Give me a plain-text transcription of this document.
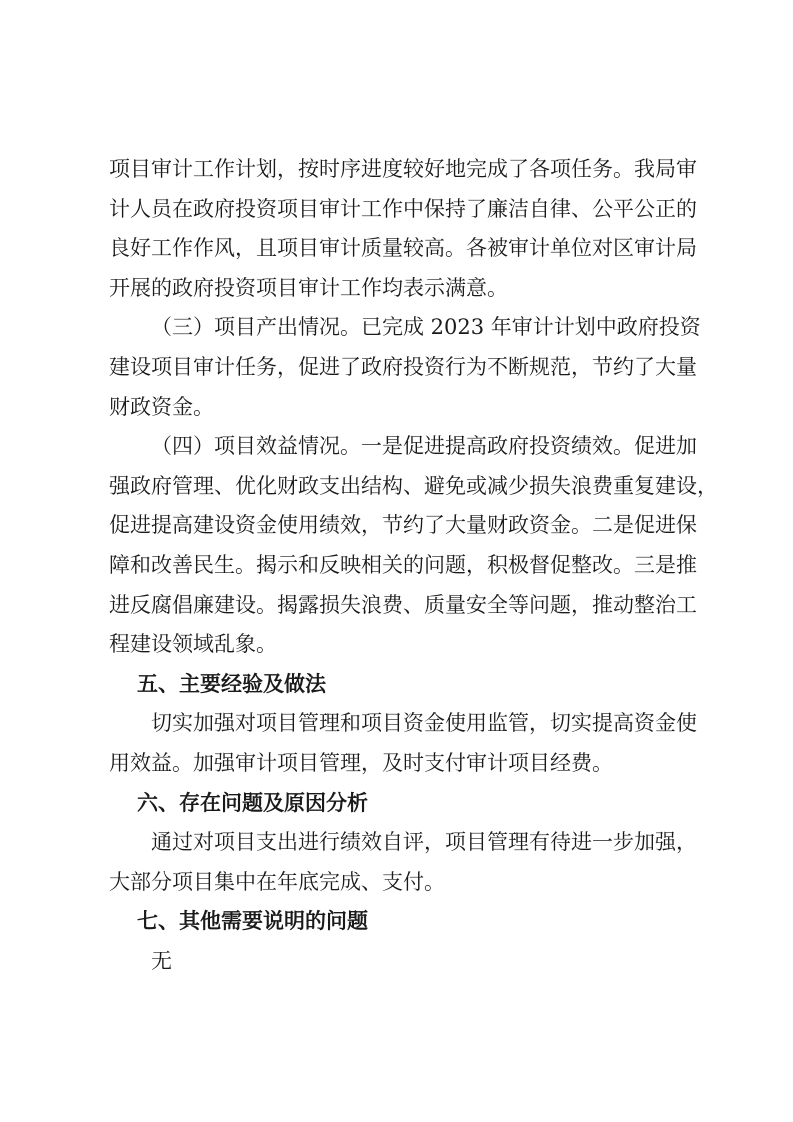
项目审计工作计划，按时序进度较好地完成了各项任务。我局审
计人员在政府投资项目审计工作中保持了廉洁自律、公平公正的
良好工作作风，且项目审计质量较高。各被审计单位对区审计局
开展的政府投资项目审计工作均表示满意。
（三）项目产出情况。已完成 2023 年审计计划中政府投资
建设项目审计任务，促进了政府投资行为不断规范，节约了大量
财政资金。
（四）项目效益情况。一是促进提高政府投资绩效。促进加
强政府管理、优化财政支出结构、避免或减少损失浪费重复建设，
促进提高建设资金使用绩效，节约了大量财政资金。二是促进保
障和改善民生。揭示和反映相关的问题，积极督促整改。三是推
进反腐倡廉建设。揭露损失浪费、质量安全等问题，推动整治工
程建设领域乱象。
五、主要经验及做法
切实加强对项目管理和项目资金使用监管，切实提高资金使
用效益。加强审计项目管理，及时支付审计项目经费。
六、存在问题及原因分析
通过对项目支出进行绩效自评，项目管理有待进一步加强，
大部分项目集中在年底完成、支付。
七、其他需要说明的问题
无
